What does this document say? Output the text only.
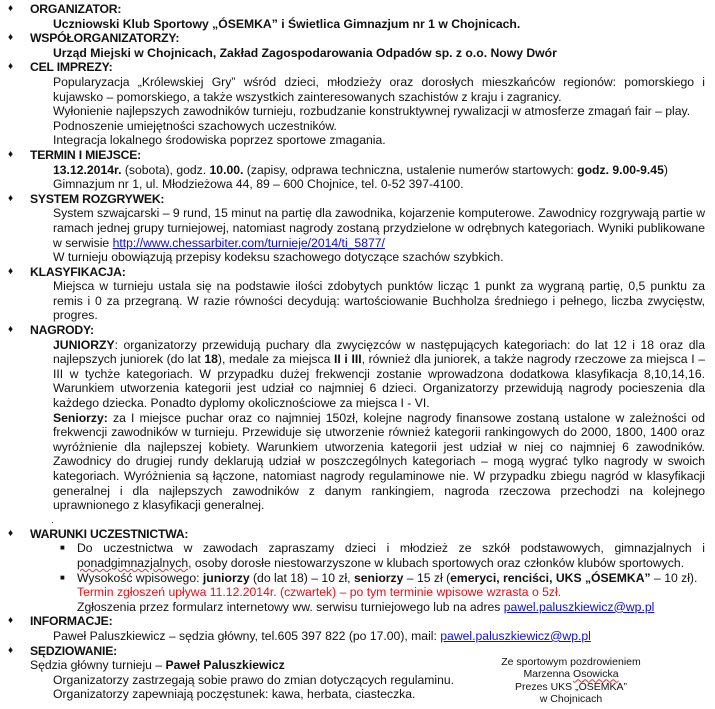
♦ ORGANIZATOR:
Uczniowski Klub Sportowy „ÓSEMKA” i Świetlica Gimnazjum nr 1 w Chojnicach.
♦ WSPÓŁORGANIZATORZY:
Urząd Miejski w Chojnicach, Zakład Zagospodarowania Odpadów sp. z o.o. Nowy Dwór
♦ CEL IMPREZY:
Popularyzacja „Królewskiej Gry” wśród dzieci, młodzieży oraz dorosłych mieszkańców regionów: pomorskiego i kujawsko – pomorskiego, a także wszystkich zainteresowanych szachistów z kraju i zagranicy.
Wyłonienie najlepszych zawodników turnieju, rozbudzanie konstruktywnej rywalizacji w atmosferze zmagań fair – play.
Podnoszenie umiejętności szachowych uczestników.
Integracja lokalnego środowiska poprzez sportowe zmagania.
♦ TERMIN I MIEJSCE:
13.12.2014r. (sobota), godz. 10.00. (zapisy, odprawa techniczna, ustalenie numerów startowych: godz. 9.00-9.45)
Gimnazjum nr 1, ul. Młodzieżowa 44, 89 – 600 Chojnice, tel. 0-52 397-4100.
♦ SYSTEM ROZGRYWEK:
System szwajcarski – 9 rund, 15 minut na partię dla zawodnika, kojarzenie komputerowe. Zawodnicy rozgrywają partie w ramach jednej grupy turniejowej, natomiast nagrody zostaną przydzielone w odrębnych kategoriach. Wyniki publikowane w serwisie http://www.chessarbiter.com/turnieje/2014/ti_5877/
W turnieju obowiązują przepisy kodeksu szachowego dotyczące szachów szybkich.
♦ KLASYFIKACJA:
Miejsca w turnieju ustala się na podstawie ilości zdobytych punktów licząc 1 punkt za wygraną partię, 0,5 punktu za remis i 0 za przegraną. W razie równości decydują: wartościowanie Buchholza średniego i pełnego, liczba zwycięstw, progres.
♦ NAGRODY:
JUNIORZY: organizatorzy przewidują puchary dla zwycięzców w następujących kategoriach: do lat 12 i 18 oraz dla najlepszych juniorek (do lat 18), medale za miejsca II i III, również dla juniorek, a także nagrody rzeczowe za miejsca I – III w tychże kategoriach. W przypadku dużej frekwencji zostanie wprowadzona dodatkowa klasyfikacja 8,10,14,16. Warunkiem utworzenia kategorii jest udział co najmniej 6 dzieci. Organizatorzy przewidują nagrody pocieszenia dla każdego dziecka. Ponadto dyplomy okolicznościowe za miejsca I - VI.
Seniorzy: za I miejsce puchar oraz co najmniej 150zł, kolejne nagrody finansowe zostaną ustalone w zależności od frekwencji zawodników w turnieju. Przewiduje się utworzenie również kategorii rankingowych do 2000, 1800, 1400 oraz wyróżnienie dla najlepszej kobiety. Warunkiem utworzenia kategorii jest udział w niej co najmniej 6 zawodników. Zawodnicy do drugiej rundy deklarują udział w poszczególnych kategoriach – mogą wygrać tylko nagrody w swoich kategoriach. Wyróżnienia są łączone, natomiast nagrody regulaminowe nie. W przypadku zbiegu nagród w klasyfikacji generalnej i dla najlepszych zawodników z danym rankingiem, nagroda rzeczowa przechodzi na kolejnego uprawnionego z klasyfikacji generalnej.
.
♦ WARUNKI UCZESTNICTWA:
■ Do uczestnictwa w zawodach zapraszamy dzieci i młodzież ze szkół podstawowych, gimnazjalnych i ponadgimnazjalnych, osoby dorosłe niestowarzyszone w klubach sportowych oraz członków klubów sportowych.
■ Wysokość wpisowego: juniorzy (do lat 18) – 10 zł, seniorzy – 15 zł (emeryci, renciści, UKS „ÓSEMKA” – 10 zł).
Termin zgłoszeń upływa 11.12.2014r. (czwartek) – po tym terminie wpisowe wzrasta o 5zł.
Zgłoszenia przez formularz internetowy ww. serwisu turniejowego lub na adres pawel.paluszkiewicz@wp.pl
♦ INFORMACJE:
Paweł Paluszkiewicz – sędzia główny, tel.605 397 822 (po 17.00), mail: pawel.paluszkiewicz@wp.pl
♦ SĘDZIOWANIE:
Sędzia główny turnieju – Paweł Paluszkiewicz
Organizatorzy zastrzegają sobie prawo do zmian dotyczących regulaminu.
Organizatorzy zapewniają poczęstunek: kawa, herbata, ciasteczka.
Ze sportowym pozdrowieniem
Marzenna Osowicka
Prezes UKS „ÓSEMKA”
w Chojnicach
